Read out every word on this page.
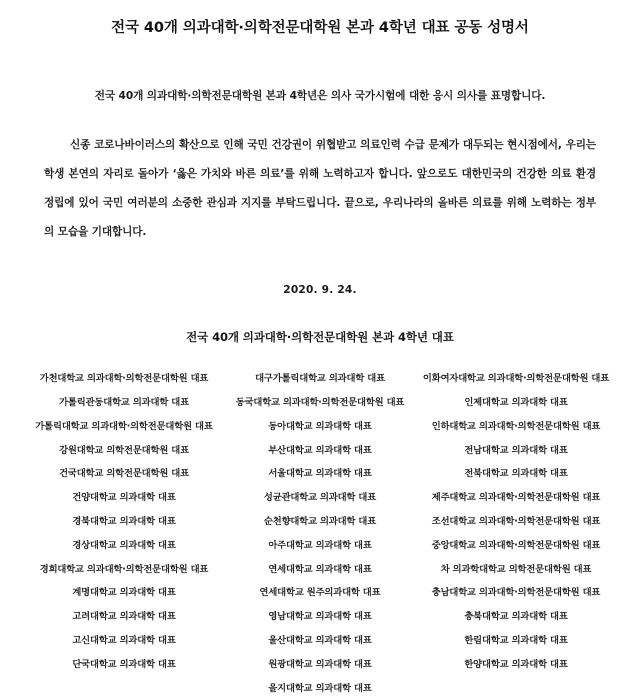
전국 40개 의과대학·의학전문대학원 본과 4학년 대표 공동 성명서

전국 40개 의과대학·의학전문대학원 본과 4학년은 의사 국가시험에 대한 응시 의사를 표명합니다.

신종 코로나바이러스의 확산으로 인해 국민 건강권이 위협받고 의료인력 수급 문제가 대두되는 현시점에서, 우리는 학생 본연의 자리로 돌아가 ‘옳은 가치와 바른 의료’를 위해 노력하고자 합니다. 앞으로도 대한민국의 건강한 의료 환경 정립에 있어 국민 여러분의 소중한 관심과 지지를 부탁드립니다. 끝으로, 우리나라의 올바른 의료를 위해 노력하는 정부의 모습을 기대합니다.

2020. 9. 24.
전국 40개 의과대학·의학전문대학원 본과 4학년 대표
가천대학교 의과대학·의학전문대학원 대표
가톨릭관동대학교 의과대학 대표
가톨릭대학교 의과대학·의학전문대학원 대표
강원대학교 의학전문대학원 대표
건국대학교 의학전문대학원 대표
건양대학교 의과대학 대표
경북대학교 의과대학 대표
경상대학교 의과대학 대표
경희대학교 의과대학·의학전문대학원 대표
계명대학교 의과대학 대표
고려대학교 의과대학 대표
고신대학교 의과대학 대표
단국대학교 의과대학 대표
대구가톨릭대학교 의과대학 대표
동국대학교 의과대학·의학전문대학원 대표
동아대학교 의과대학 대표
부산대학교 의과대학 대표
서울대학교 의과대학 대표
성균관대학교 의과대학 대표
순천향대학교 의과대학 대표
아주대학교 의과대학 대표
연세대학교 의과대학 대표
연세대학교 원주의과대학 대표
영남대학교 의과대학 대표
울산대학교 의과대학 대표
원광대학교 의과대학 대표
을지대학교 의과대학 대표
이화여자대학교 의과대학·의학전문대학원 대표
인제대학교 의과대학 대표
인하대학교 의과대학·의학전문대학원 대표
전남대학교 의과대학 대표
전북대학교 의과대학 대표
제주대학교 의과대학·의학전문대학원 대표
조선대학교 의과대학·의학전문대학원 대표
중앙대학교 의과대학·의학전문대학원 대표
차 의과학대학교 의학전문대학원 대표
충남대학교 의과대학·의학전문대학원 대표
충북대학교 의과대학 대표
한림대학교 의과대학 대표
한양대학교 의과대학 대표
